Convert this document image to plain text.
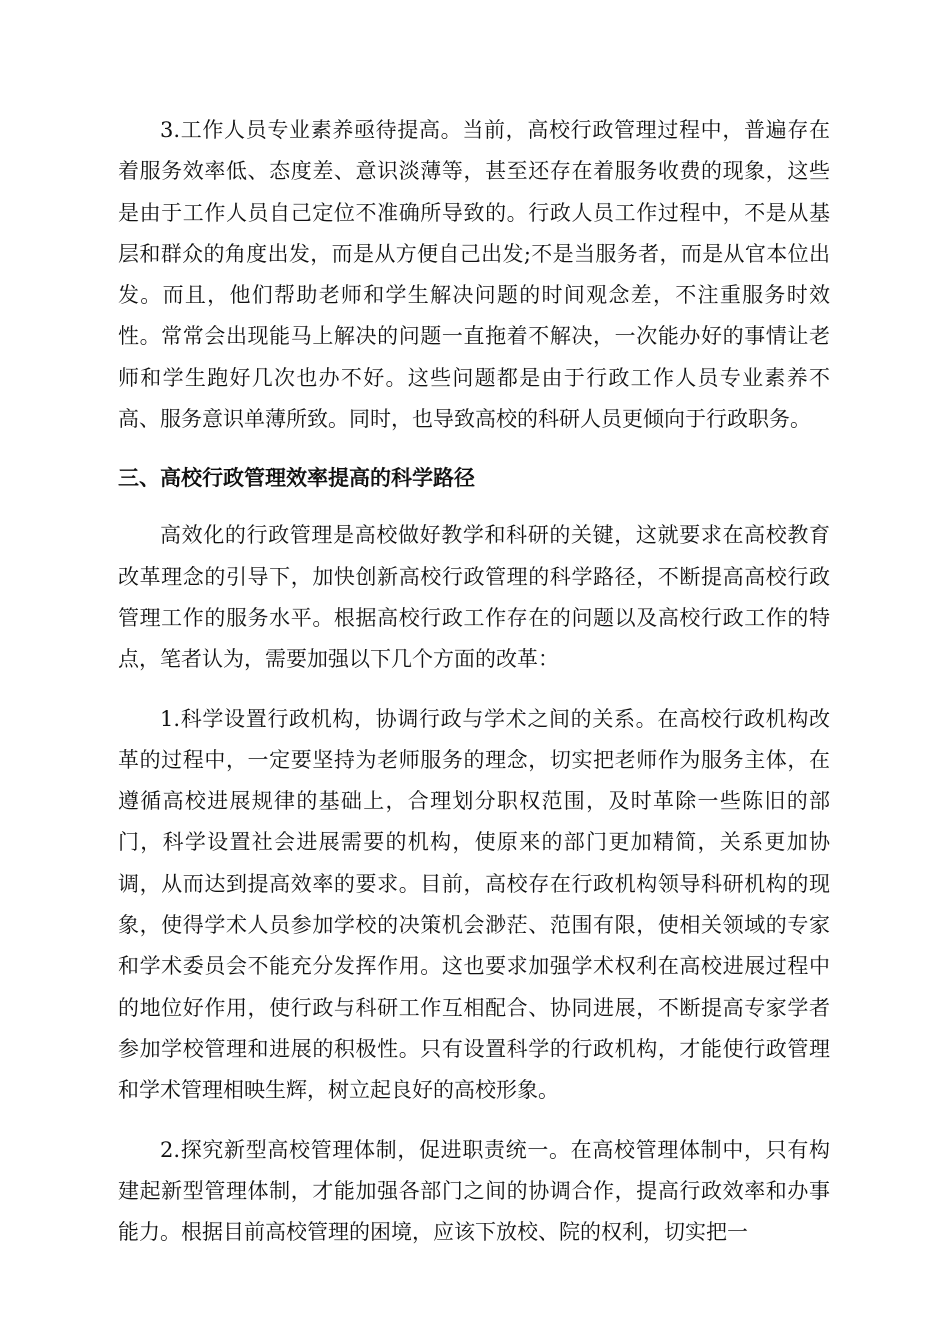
3.工作人员专业素养亟待提高。当前，高校行政管理过程中，普遍存在着服务效率低、态度差、意识淡薄等，甚至还存在着服务收费的现象，这些是由于工作人员自己定位不准确所导致的。行政人员工作过程中，不是从基层和群众的角度出发，而是从方便自己出发;不是当服务者，而是从官本位出发。而且，他们帮助老师和学生解决问题的时间观念差，不注重服务时效性。常常会出现能马上解决的问题一直拖着不解决，一次能办好的事情让老师和学生跑好几次也办不好。这些问题都是由于行政工作人员专业素养不高、服务意识单薄所致。同时，也导致高校的科研人员更倾向于行政职务。

三、高校行政管理效率提高的科学路径

高效化的行政管理是高校做好教学和科研的关键，这就要求在高校教育改革理念的引导下，加快创新高校行政管理的科学路径，不断提高高校行政管理工作的服务水平。根据高校行政工作存在的问题以及高校行政工作的特点，笔者认为，需要加强以下几个方面的改革：

1.科学设置行政机构，协调行政与学术之间的关系。在高校行政机构改革的过程中，一定要坚持为老师服务的理念，切实把老师作为服务主体，在遵循高校进展规律的基础上，合理划分职权范围，及时革除一些陈旧的部门，科学设置社会进展需要的机构，使原来的部门更加精简，关系更加协调，从而达到提高效率的要求。目前，高校存在行政机构领导科研机构的现象，使得学术人员参加学校的决策机会渺茫、范围有限，使相关领域的专家和学术委员会不能充分发挥作用。这也要求加强学术权利在高校进展过程中的地位好作用，使行政与科研工作互相配合、协同进展，不断提高专家学者参加学校管理和进展的积极性。只有设置科学的行政机构，才能使行政管理和学术管理相映生辉，树立起良好的高校形象。

2.探究新型高校管理体制，促进职责统一。在高校管理体制中，只有构建起新型管理体制，才能加强各部门之间的协调合作，提高行政效率和办事能力。根据目前高校管理的困境，应该下放校、院的权利，切实把一
